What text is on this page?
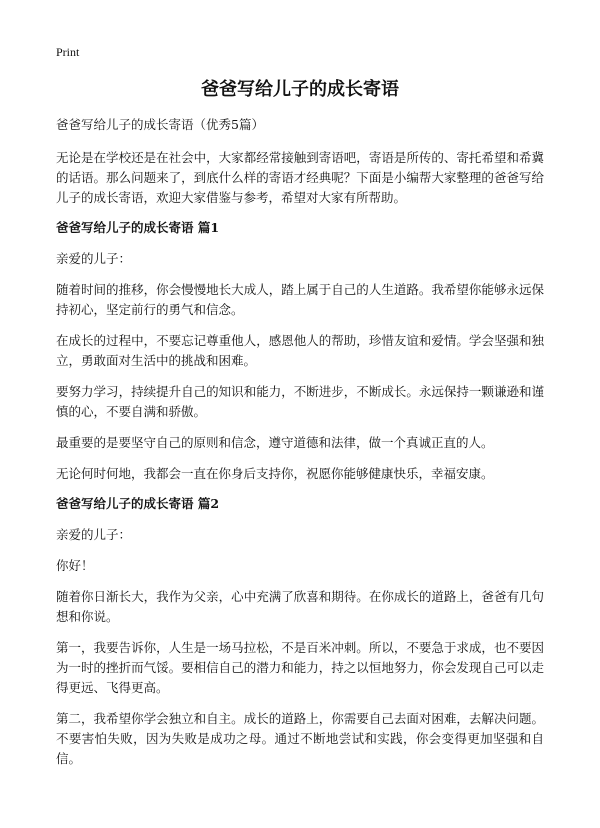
Print
爸爸写给儿子的成长寄语
爸爸写给儿子的成长寄语（优秀5篇）

无论是在学校还是在社会中，大家都经常接触到寄语吧，寄语是所传的、寄托希望和希冀的话语。那么问题来了，到底什么样的寄语才经典呢？下面是小编帮大家整理的爸爸写给儿子的成长寄语，欢迎大家借鉴与参考，希望对大家有所帮助。

爸爸写给儿子的成长寄语 篇1

亲爱的儿子：

随着时间的推移，你会慢慢地长大成人，踏上属于自己的人生道路。我希望你能够永远保持初心，坚定前行的勇气和信念。

在成长的过程中，不要忘记尊重他人，感恩他人的帮助，珍惜友谊和爱情。学会坚强和独立，勇敢面对生活中的挑战和困难。

要努力学习，持续提升自己的知识和能力，不断进步，不断成长。永远保持一颗谦逊和谨慎的心，不要自满和骄傲。

最重要的是要坚守自己的原则和信念，遵守道德和法律，做一个真诚正直的人。

无论何时何地，我都会一直在你身后支持你，祝愿你能够健康快乐，幸福安康。

爸爸写给儿子的成长寄语 篇2

亲爱的儿子：

你好！

随着你日渐长大，我作为父亲，心中充满了欣喜和期待。在你成长的道路上，爸爸有几句想和你说。

第一，我要告诉你，人生是一场马拉松，不是百米冲刺。所以，不要急于求成，也不要因为一时的挫折而气馁。要相信自己的潜力和能力，持之以恒地努力，你会发现自己可以走得更远、飞得更高。

第二，我希望你学会独立和自主。成长的道路上，你需要自己去面对困难，去解决问题。不要害怕失败，因为失败是成功之母。通过不断地尝试和实践，你会变得更加坚强和自信。
